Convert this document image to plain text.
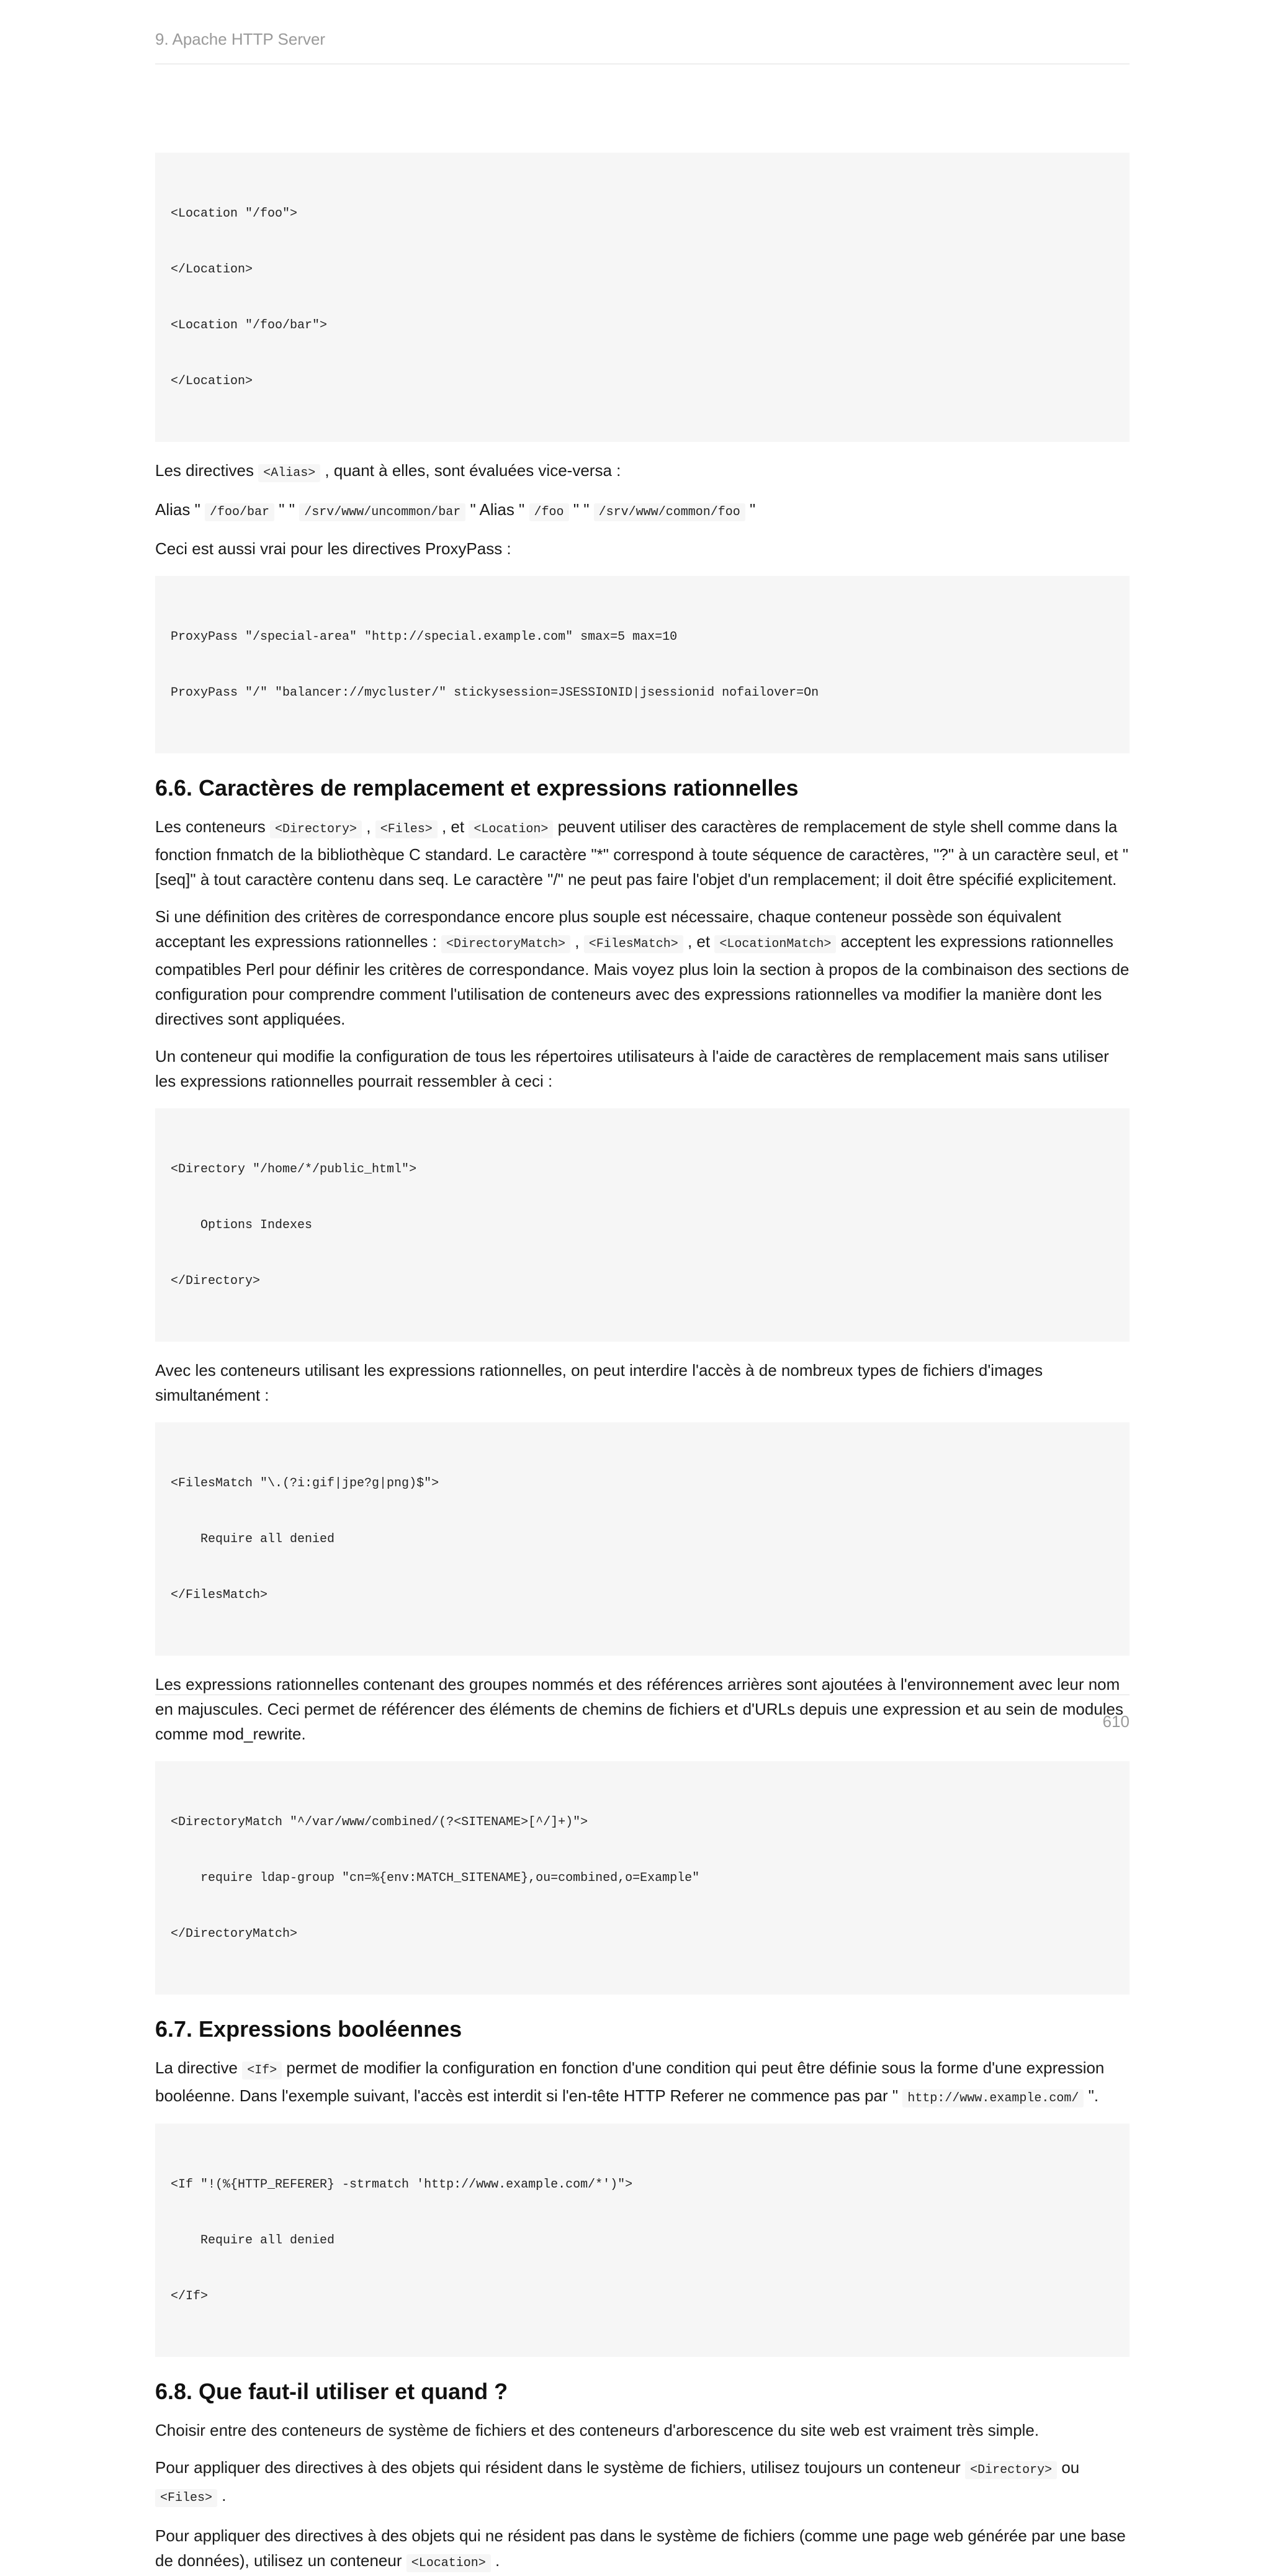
9. Apache HTTP Server

<Location "/foo">

</Location>

<Location "/foo/bar">

</Location>

Les directives <Alias> , quant à elles, sont évaluées vice-versa :

Alias " /foo/bar " " /srv/www/uncommon/bar " Alias " /foo " " /srv/www/common/foo "

Ceci est aussi vrai pour les directives ProxyPass :

ProxyPass "/special-area" "http://special.example.com" smax=5 max=10

ProxyPass "/" "balancer://mycluster/" stickysession=JSESSIONID|jsessionid nofailover=On

6.6. Caractères de remplacement et expressions rationnelles

Les conteneurs <Directory> , <Files> , et <Location> peuvent utiliser des caractères de remplacement de style shell comme dans la fonction fnmatch de la bibliothèque C standard. Le caractère "*" correspond à toute séquence de caractères, "?" à un caractère seul, et "[seq]" à tout caractère contenu dans seq. Le caractère "/" ne peut pas faire l'objet d'un remplacement; il doit être spécifié explicitement.

Si une définition des critères de correspondance encore plus souple est nécessaire, chaque conteneur possède son équivalent acceptant les expressions rationnelles : <DirectoryMatch> , <FilesMatch> , et <LocationMatch> acceptent les expressions rationnelles compatibles Perl pour définir les critères de correspondance. Mais voyez plus loin la section à propos de la combinaison des sections de configuration pour comprendre comment l'utilisation de conteneurs avec des expressions rationnelles va modifier la manière dont les directives sont appliquées.

Un conteneur qui modifie la configuration de tous les répertoires utilisateurs à l'aide de caractères de remplacement mais sans utiliser les expressions rationnelles pourrait ressembler à ceci :

<Directory "/home/*/public_html">

Options Indexes

</Directory>

Avec les conteneurs utilisant les expressions rationnelles, on peut interdire l'accès à de nombreux types de fichiers d'images simultanément :

<FilesMatch "\.(?i:gif|jpe?g|png)$">

Require all denied

</FilesMatch>

Les expressions rationnelles contenant des groupes nommés et des références arrières sont ajoutées à l'environnement avec leur nom en majuscules. Ceci permet de référencer des éléments de chemins de fichiers et d'URLs depuis une expression et au sein de modules comme mod_rewrite.

<DirectoryMatch "^/var/www/combined/(?<SITENAME>[^/]+)">

require ldap-group "cn=%{env:MATCH_SITENAME},ou=combined,o=Example"

</DirectoryMatch>

6.7. Expressions booléennes

La directive <If> permet de modifier la configuration en fonction d'une condition qui peut être définie sous la forme d'une expression booléenne. Dans l'exemple suivant, l'accès est interdit si l'en-tête HTTP Referer ne commence pas par " http://www.example.com/ ".

<If "!(%{HTTP_REFERER} -strmatch 'http://www.example.com/*')">

Require all denied

</If>

6.8. Que faut-il utiliser et quand ?

Choisir entre des conteneurs de système de fichiers et des conteneurs d'arborescence du site web est vraiment très simple.

Pour appliquer des directives à des objets qui résident dans le système de fichiers, utilisez toujours un conteneur <Directory> ou <Files> .

Pour appliquer des directives à des objets qui ne résident pas dans le système de fichiers (comme une page web générée par une base de données), utilisez un conteneur <Location> .

610
